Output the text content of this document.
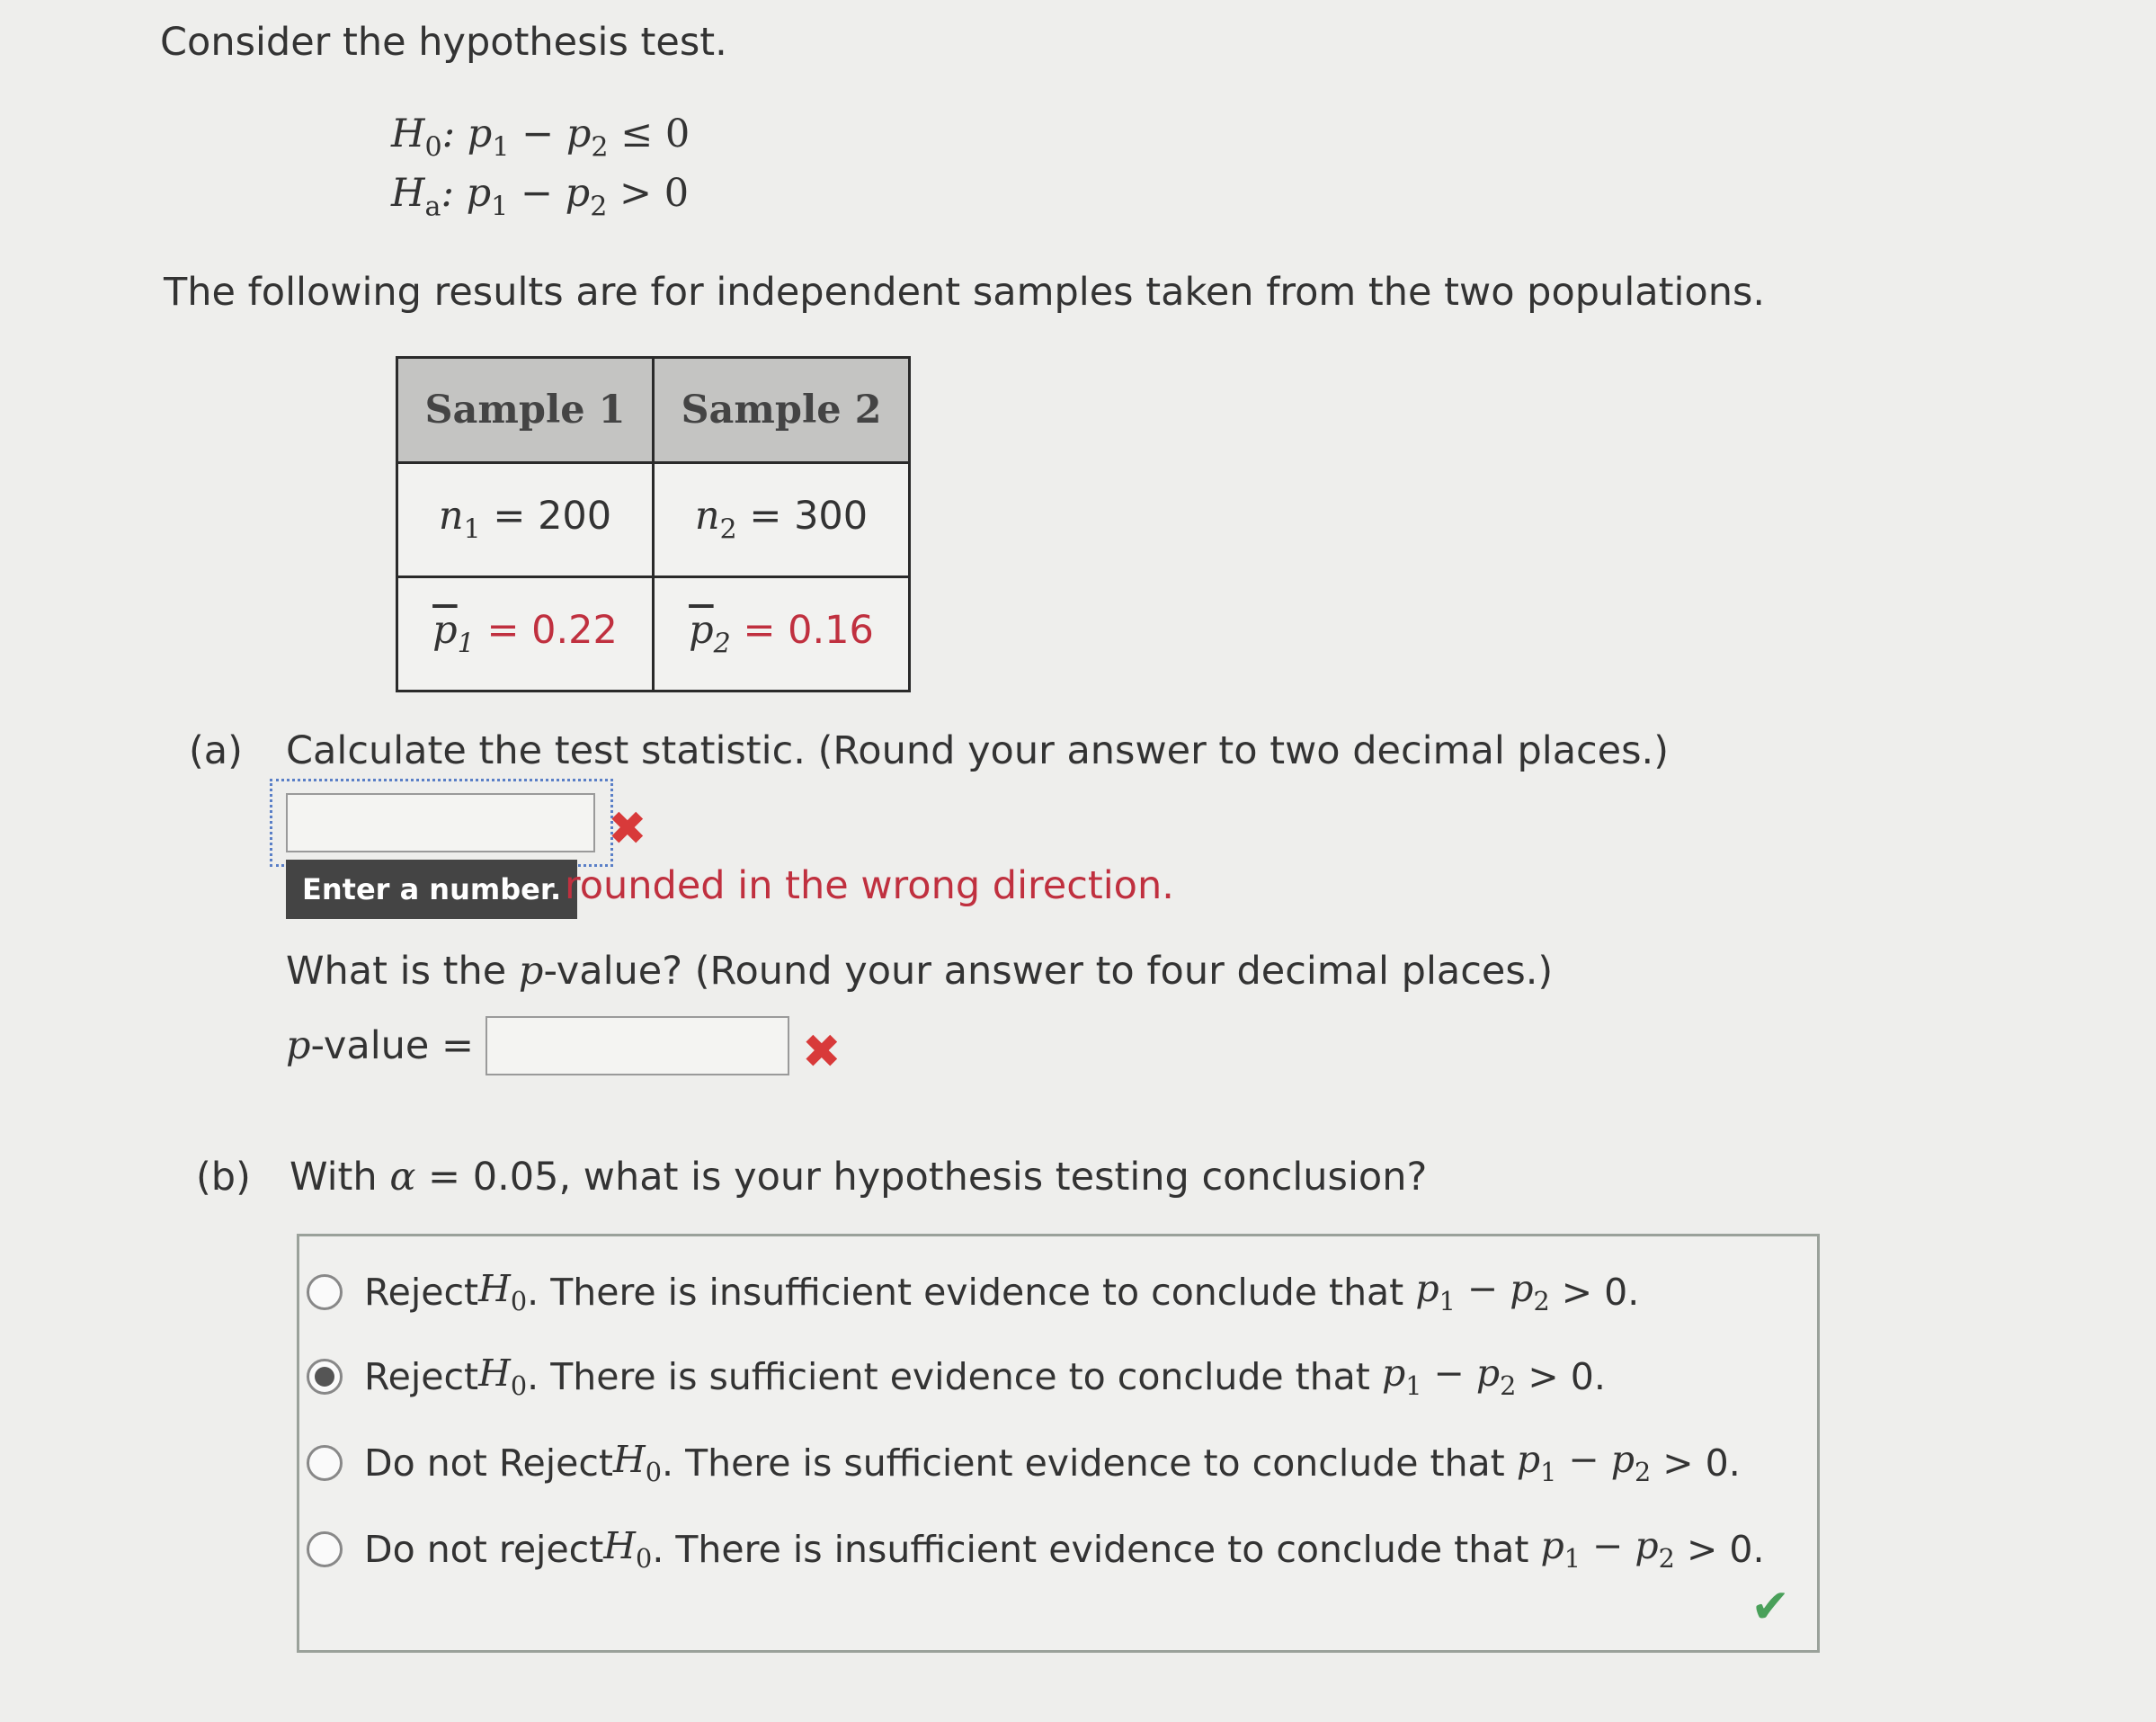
Consider the hypothesis test.
$H_0$: $p_1 - p_2 \le 0$
$H_a$: $p_1 - p_2 > 0$
The following results are for independent samples taken from the two populations.
Sample 1	Sample 2
$n_1 = 200$	$n_2 = 300$
$\overline{p}_1 = 0.22$	$\overline{p}_2 = 0.16$
(a) Calculate the test statistic. (Round your answer to two decimal places.)
✖
Enter a number. rounded in the wrong direction.
What is the p-value? (Round your answer to four decimal places.)
p-value =	✖
(b) With α = 0.05, what is your hypothesis testing conclusion?
Reject $H_0$ . There is insufficient evidence to conclude that
$p_1 - p_2 > 0$.
Reject $H_0$ . There is sufficient evidence to conclude that
$p_1 - p_2 > 0$.
Do not Reject $H_0$ . There is sufficient evidence to conclude that
$p_1 - p_2 > 0$.
Do not reject $H_0$ . There is insufficient evidence to conclude that
$p_1 - p_2 > 0$.
✔
